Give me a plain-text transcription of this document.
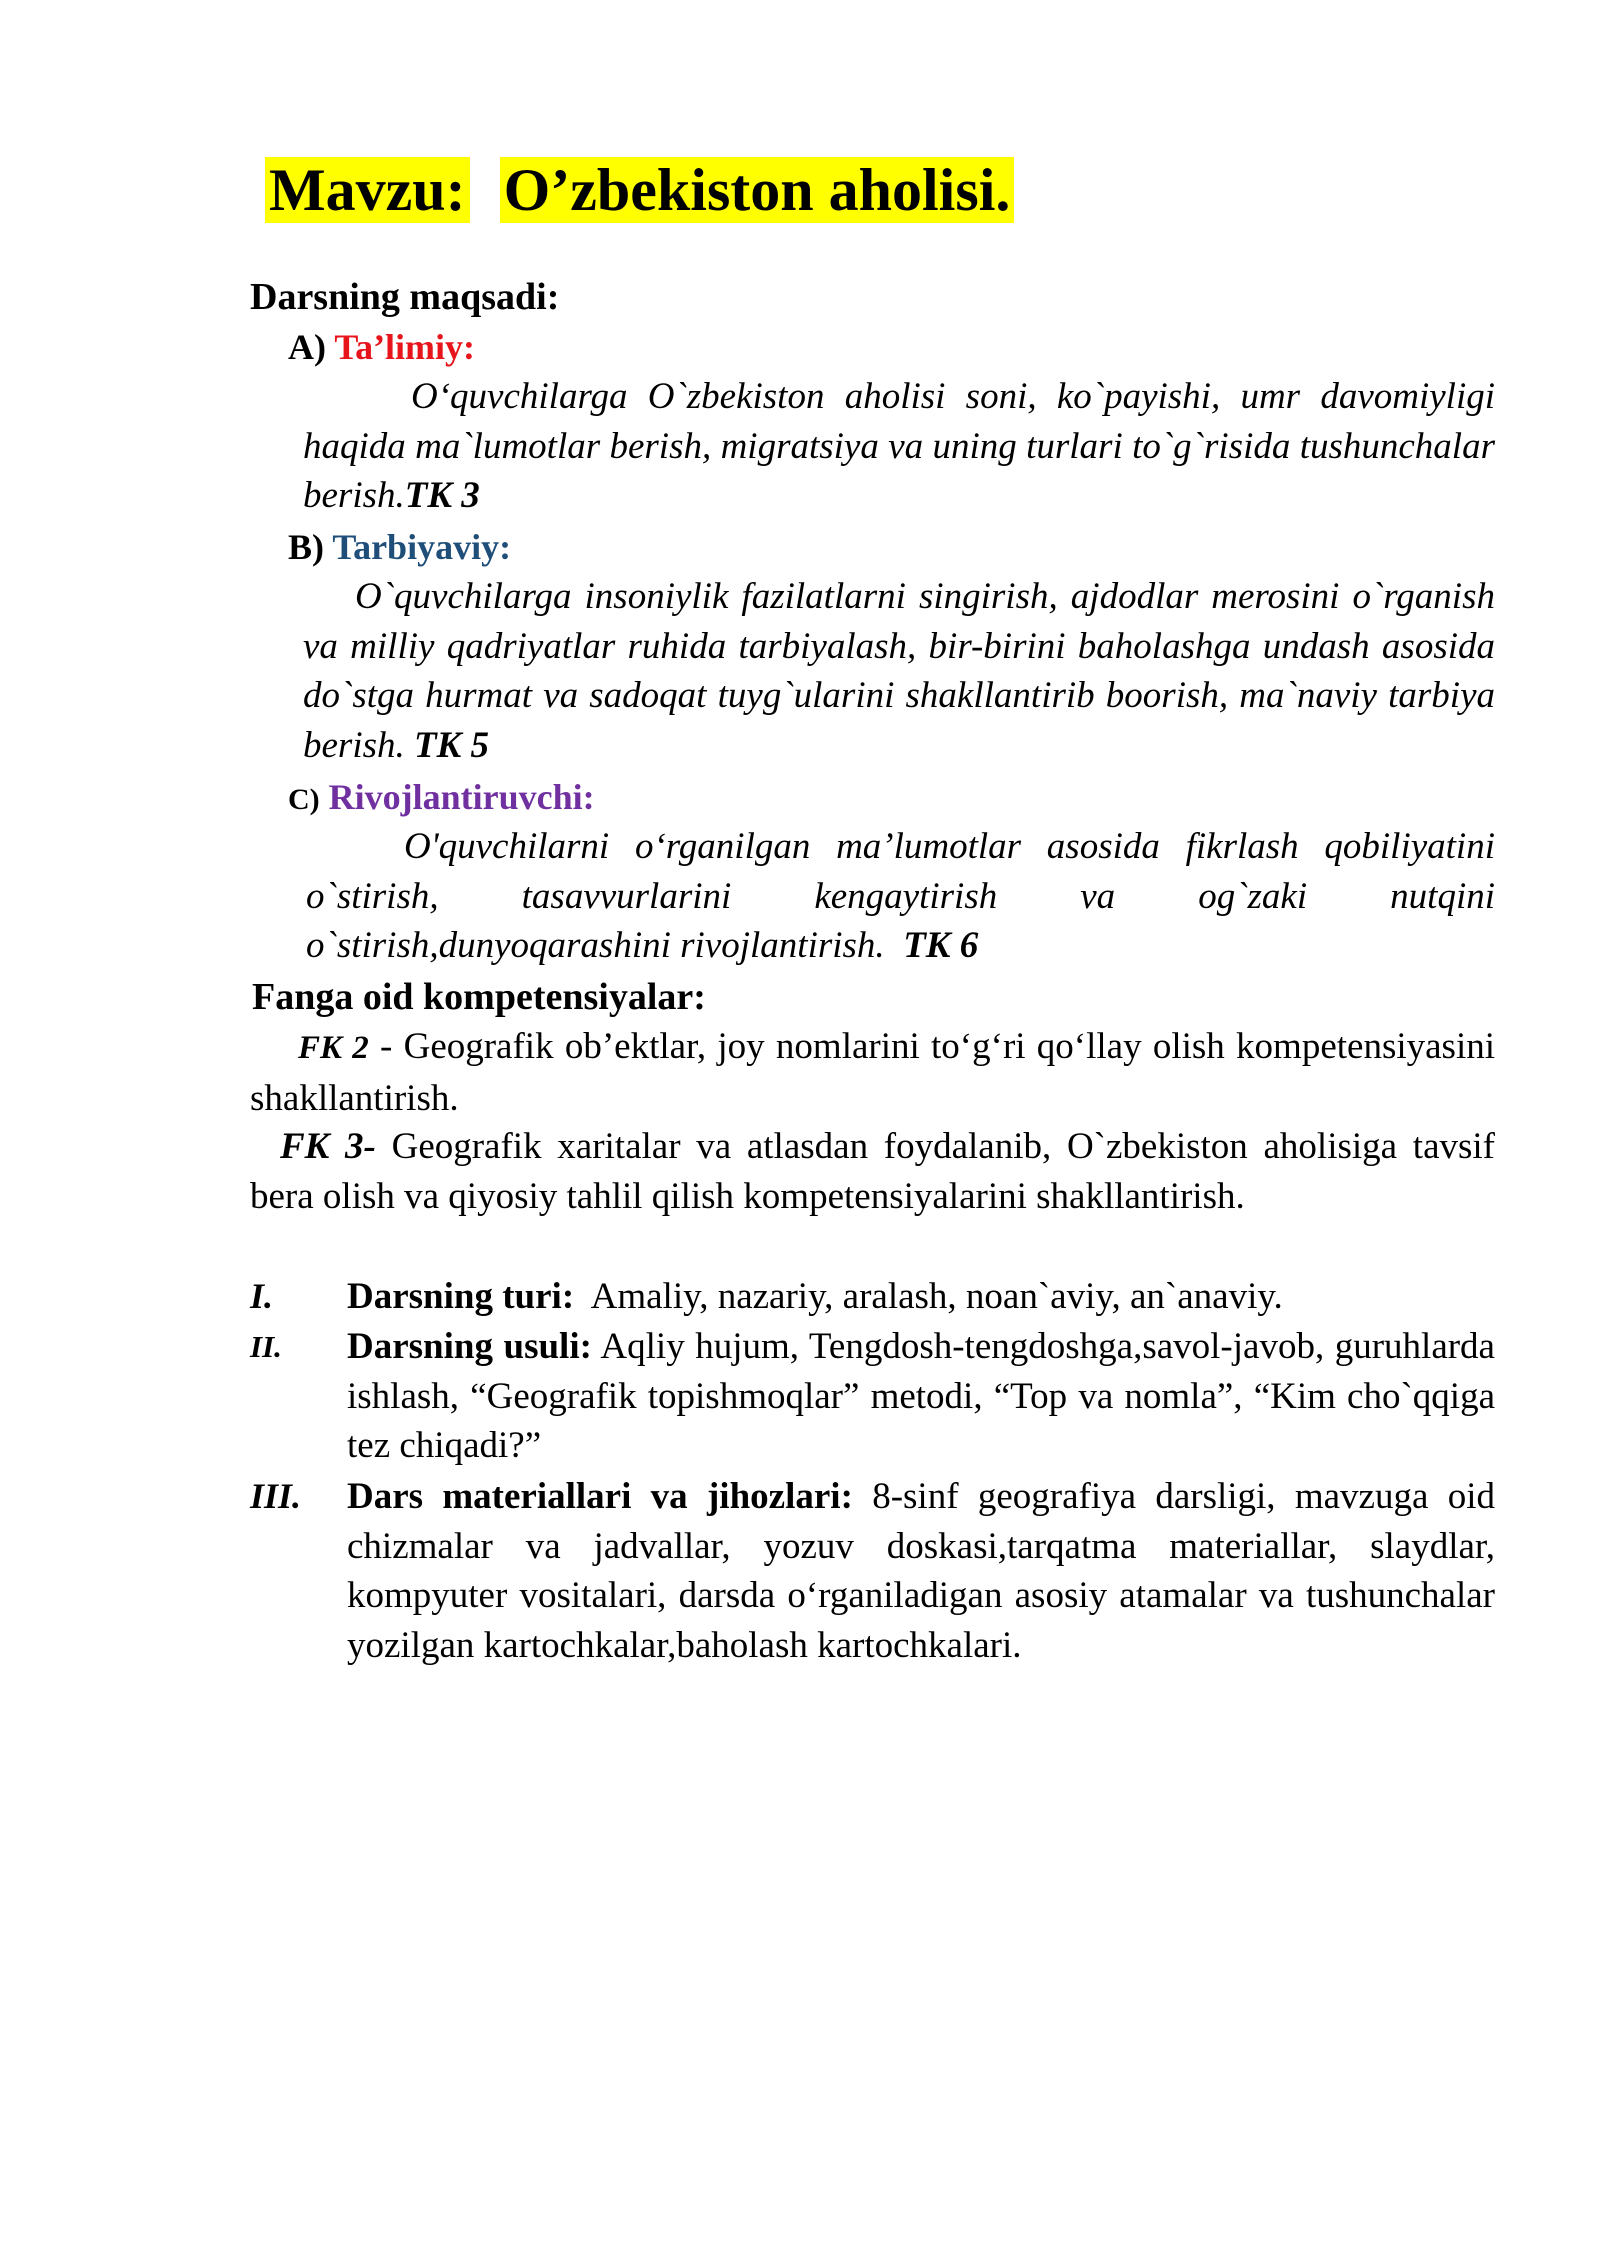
Mavzu: O’zbekiston aholisi.
Darsning maqsadi:
A) Ta’limiy:
O‘quvchilarga O`zbekiston aholisi soni, ko`payishi, umr davomiyligi haqida ma`lumotlar berish, migratsiya va uning turlari to`g`risida tushunchalar berish.TK 3
B) Tarbiyaviy:
O`quvchilarga insoniylik fazilatlarni singirish, ajdodlar merosini o`rganish va milliy qadriyatlar ruhida tarbiyalash, bir-birini baholashga undash asosida do`stga hurmat va sadoqat tuyg`ularini shakllantirib boorish, ma`naviy tarbiya berish. TK 5
C) Rivojlantiruvchi:
O'quvchilarni o‘rganilgan ma’lumotlar asosida fikrlash qobiliyatini o`stirish, tasavvurlarini kengaytirish va og`zaki nutqini o`stirish,dunyoqarashini rivojlantirish. TK 6
Fanga oid kompetensiyalar:
FK 2 - Geografik ob’ektlar, joy nomlarini to‘g‘ri qo‘llay olish kompetensiyasini shakllantirish.
FK 3- Geografik xaritalar va atlasdan foydalanib, O`zbekiston aholisiga tavsif bera olish va qiyosiy tahlil qilish kompetensiyalarini shakllantirish.
I. Darsning turi: Amaliy, nazariy, aralash, noan`aviy, an`anaviy.
II. Darsning usuli: Aqliy hujum, Tengdosh-tengdoshga,savol-javob, guruhlarda ishlash, “Geografik topishmoqlar” metodi, “Top va nomla”, “Kim cho`qqiga tez chiqadi?”
III. Dars materiallari va jihozlari: 8-sinf geografiya darsligi, mavzuga oid chizmalar va jadvallar, yozuv doskasi,tarqatma materiallar, slaydlar, kompyuter vositalari, darsda o‘rganiladigan asosiy atamalar va tushunchalar yozilgan kartochkalar,baholash kartochkalari.
